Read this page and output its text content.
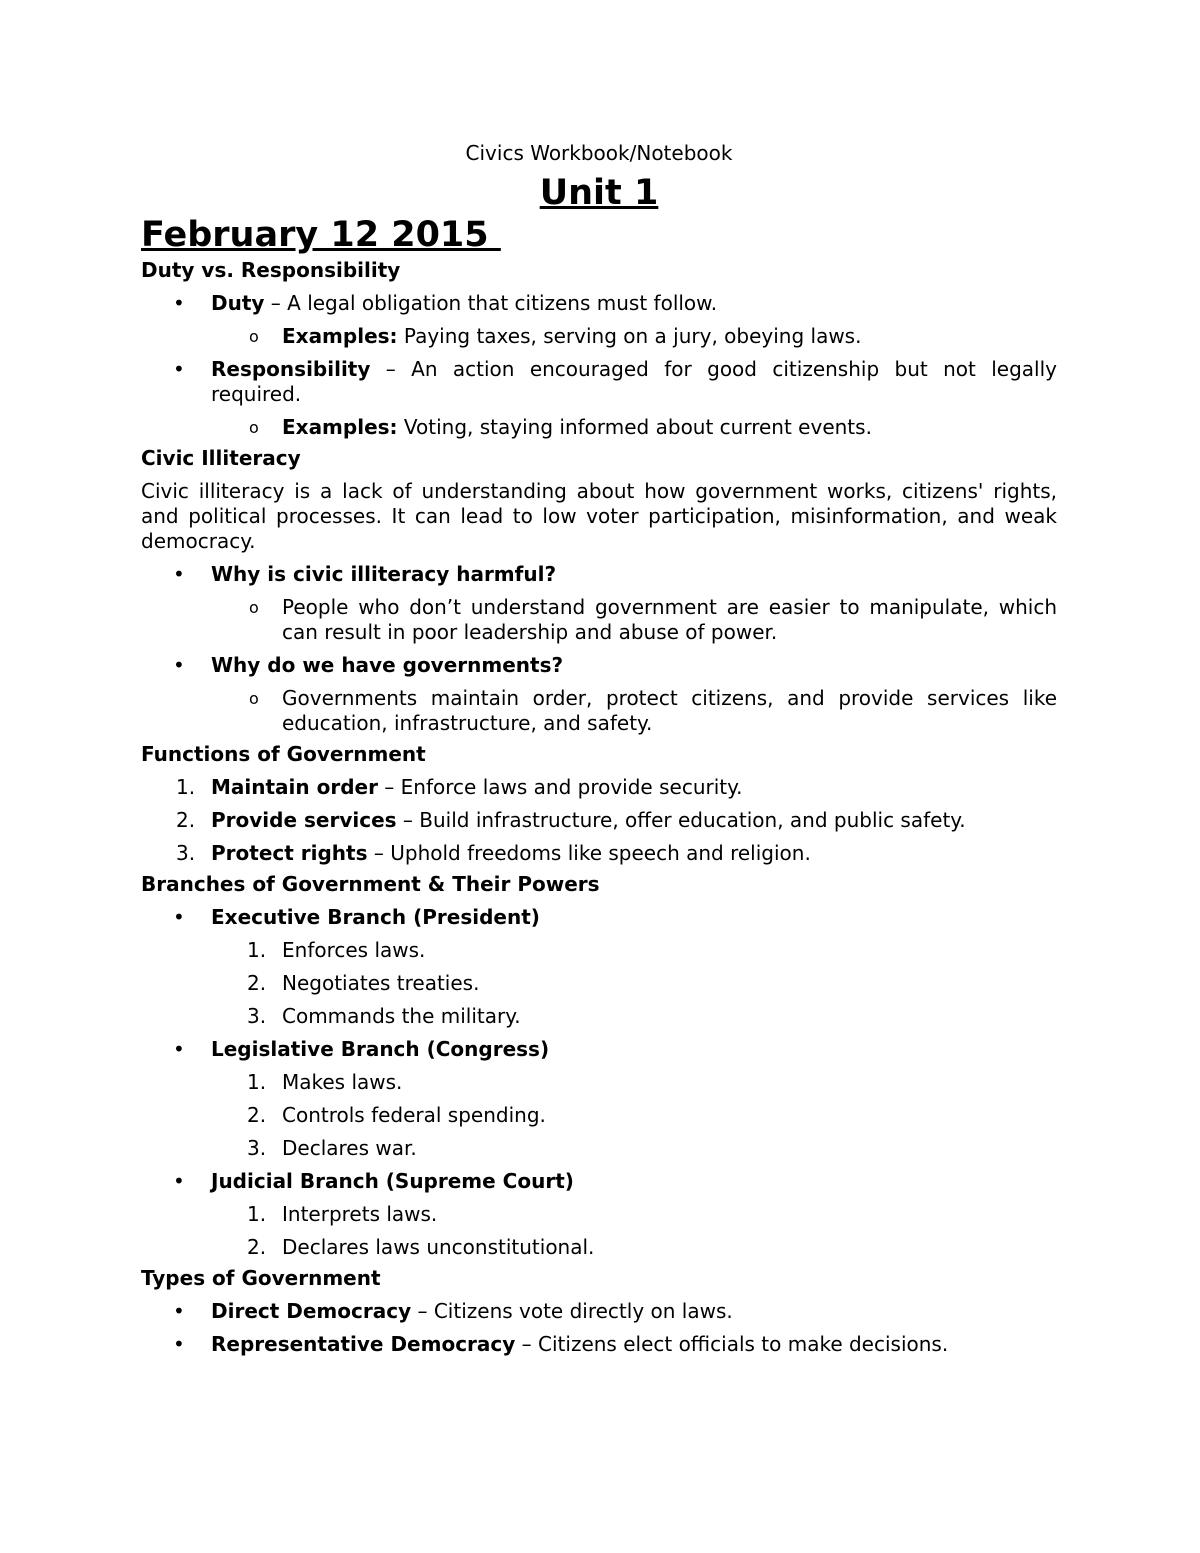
Civics Workbook/Notebook
Unit 1
February 12 2015
Duty vs. Responsibility
• Duty – A legal obligation that citizens must follow.
o Examples: Paying taxes, serving on a jury, obeying laws.
• Responsibility – An action encouraged for good citizenship but not legally required.
o Examples: Voting, staying informed about current events.
Civic Illiteracy

Civic illiteracy is a lack of understanding about how government works, citizens' rights, and political processes. It can lead to low voter participation, misinformation, and weak democracy.

• Why is civic illiteracy harmful?
o People who don’t understand government are easier to manipulate, which can result in poor leadership and abuse of power.
• Why do we have governments?
o Governments maintain order, protect citizens, and provide services like education, infrastructure, and safety.
Functions of Government
1. Maintain order – Enforce laws and provide security.
2. Provide services – Build infrastructure, offer education, and public safety.
3. Protect rights – Uphold freedoms like speech and religion.
Branches of Government & Their Powers
• Executive Branch (President)
1. Enforces laws.
2. Negotiates treaties.
3. Commands the military.
• Legislative Branch (Congress)
1. Makes laws.
2. Controls federal spending.
3. Declares war.
• Judicial Branch (Supreme Court)
1. Interprets laws.
2. Declares laws unconstitutional.
Types of Government
• Direct Democracy – Citizens vote directly on laws.
• Representative Democracy – Citizens elect officials to make decisions.
